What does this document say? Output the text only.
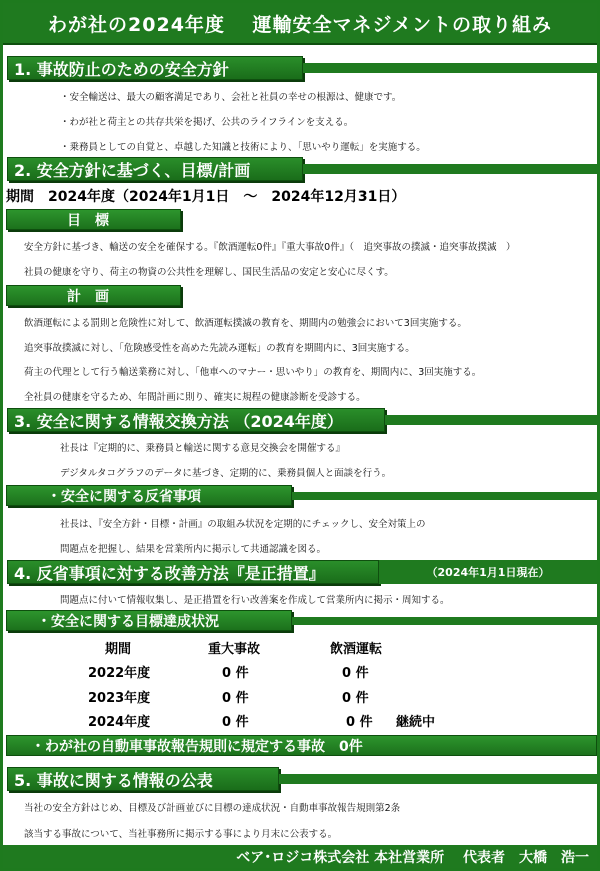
わが社の2024年度　 運輸安全マネジメントの取り組み
1. 事故防止のための安全方針
・安全輸送は、最大の顧客満足であり、会社と社員の幸せの根源は、健康です。
・わが社と荷主との共存共栄を掲げ、公共のライフラインを支える。
・乗務員としての自覚と、卓越した知識と技術により、「思いやり運転」を実施する。
2. 安全方針に基づく、目標/計画
期間　2024年度（2024年1月1日　～　2024年12月31日）
目　標
安全方針に基づき、輸送の安全を確保する。『飲酒運転0件』『重大事故0件』（　追突事故の撲滅・追突事故撲滅　）
社員の健康を守り、荷主の物資の公共性を理解し、国民生活品の安定と安心に尽くす。
計　画
飲酒運転による罰則と危険性に対して、飲酒運転撲滅の教育を、期間内の勉強会において3回実施する。
追突事故撲滅に対し、「危険感受性を高めた先読み運転」の教育を期間内に、3回実施する。
荷主の代理として行う輸送業務に対し、「他車へのマナー・思いやり」の教育を、期間内に、3回実施する。
全社員の健康を守るため、年間計画に則り、確実に規程の健康診断を受診する。
3. 安全に関する情報交換方法 （2024年度）
社長は『定期的に、乗務員と輸送に関する意見交換会を開催する』
デジタルタコグラフのデータに基づき、定期的に、乗務員個人と面談を行う。
・安全に関する反省事項
社長は、『安全方針・目標・計画』の取組み状況を定期的にチェックし、安全対策上の
問題点を把握し、結果を営業所内に掲示して共通認識を図る。
4. 反省事項に対する改善方法『是正措置』	（2024年1月1日現在）
問題点に付いて情報収集し、是正措置を行い改善案を作成して営業所内に掲示・周知する。
・安全に関する目標達成状況
期間	重大事故	飲酒運転
2022年度	0 件	0 件
2023年度	0 件	0 件
2024年度	0 件	0 件 継続中
・わが社の自動車事故報告規則に規定する事故　0件
5. 事故に関する情報の公表
当社の安全方針はじめ、目標及び計画並びに目標の達成状況・自動車事故報告規則第2条
該当する事故について、当社事務所に掲示する事により月末に公表する。
ベア･ロジコ株式会社 本社営業所　 代表者　大橋　浩一
